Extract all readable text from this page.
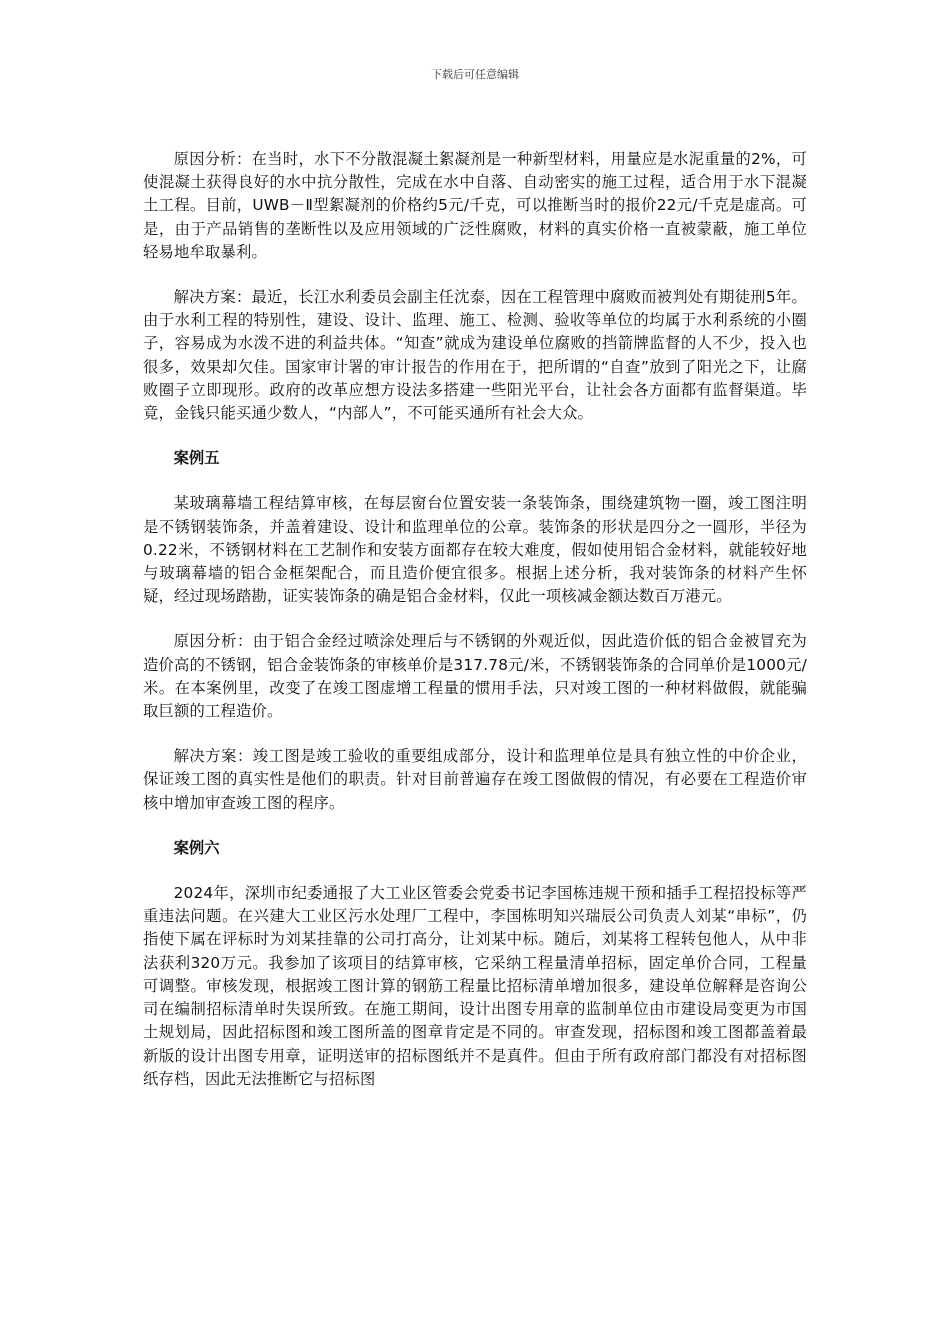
下载后可任意编辑

原因分析：在当时，水下不分散混凝土絮凝剂是一种新型材料，用量应是水泥重量的2%，可使混凝土获得良好的水中抗分散性，完成在水中自落、自动密实的施工过程，适合用于水下混凝土工程。目前，UWB－Ⅱ型絮凝剂的价格约5元/千克，可以推断当时的报价22元/千克是虚高。可是，由于产品销售的垄断性以及应用领域的广泛性腐败，材料的真实价格一直被蒙蔽，施工单位轻易地牟取暴利。

解决方案：最近，长江水利委员会副主任沈泰，因在工程管理中腐败而被判处有期徒刑5年。由于水利工程的特别性，建设、设计、监理、施工、检测、验收等单位的均属于水利系统的小圈子，容易成为水泼不进的利益共体。“知查”就成为建设单位腐败的挡箭牌监督的人不少，投入也很多，效果却欠佳。国家审计署的审计报告的作用在于，把所谓的“自查”放到了阳光之下，让腐败圈子立即现形。政府的改革应想方设法多搭建一些阳光平台，让社会各方面都有监督渠道。毕竟，金钱只能买通少数人，“内部人”，不可能买通所有社会大众。

案例五

某玻璃幕墙工程结算审核，在每层窗台位置安装一条装饰条，围绕建筑物一圈，竣工图注明是不锈钢装饰条，并盖着建设、设计和监理单位的公章。装饰条的形状是四分之一圆形，半径为0.22米，不锈钢材料在工艺制作和安装方面都存在较大难度，假如使用铝合金材料，就能较好地与玻璃幕墙的铝合金框架配合，而且造价便宜很多。根据上述分析，我对装饰条的材料产生怀疑，经过现场踏勘，证实装饰条的确是铝合金材料，仅此一项核减金额达数百万港元。

原因分析：由于铝合金经过喷涂处理后与不锈钢的外观近似，因此造价低的铝合金被冒充为造价高的不锈钢，铝合金装饰条的审核单价是317.78元/米，不锈钢装饰条的合同单价是1000元/米。在本案例里，改变了在竣工图虚增工程量的惯用手法，只对竣工图的一种材料做假，就能骗取巨额的工程造价。

解决方案：竣工图是竣工验收的重要组成部分，设计和监理单位是具有独立性的中价企业，保证竣工图的真实性是他们的职责。针对目前普遍存在竣工图做假的情况，有必要在工程造价审核中增加审查竣工图的程序。

案例六

2024年，深圳市纪委通报了大工业区管委会党委书记李国栋违规干预和插手工程招投标等严重违法问题。在兴建大工业区污水处理厂工程中，李国栋明知兴瑞辰公司负责人刘某“串标”，仍指使下属在评标时为刘某挂靠的公司打高分，让刘某中标。随后，刘某将工程转包他人，从中非法获利320万元。我参加了该项目的结算审核，它采纳工程量清单招标，固定单价合同，工程量可调整。审核发现，根据竣工图计算的钢筋工程量比招标清单增加很多，建设单位解释是咨询公司在编制招标清单时失误所致。在施工期间，设计出图专用章的监制单位由市建设局变更为市国土规划局，因此招标图和竣工图所盖的图章肯定是不同的。审查发现，招标图和竣工图都盖着最新版的设计出图专用章，证明送审的招标图纸并不是真件。但由于所有政府部门都没有对招标图纸存档，因此无法推断它与招标图
